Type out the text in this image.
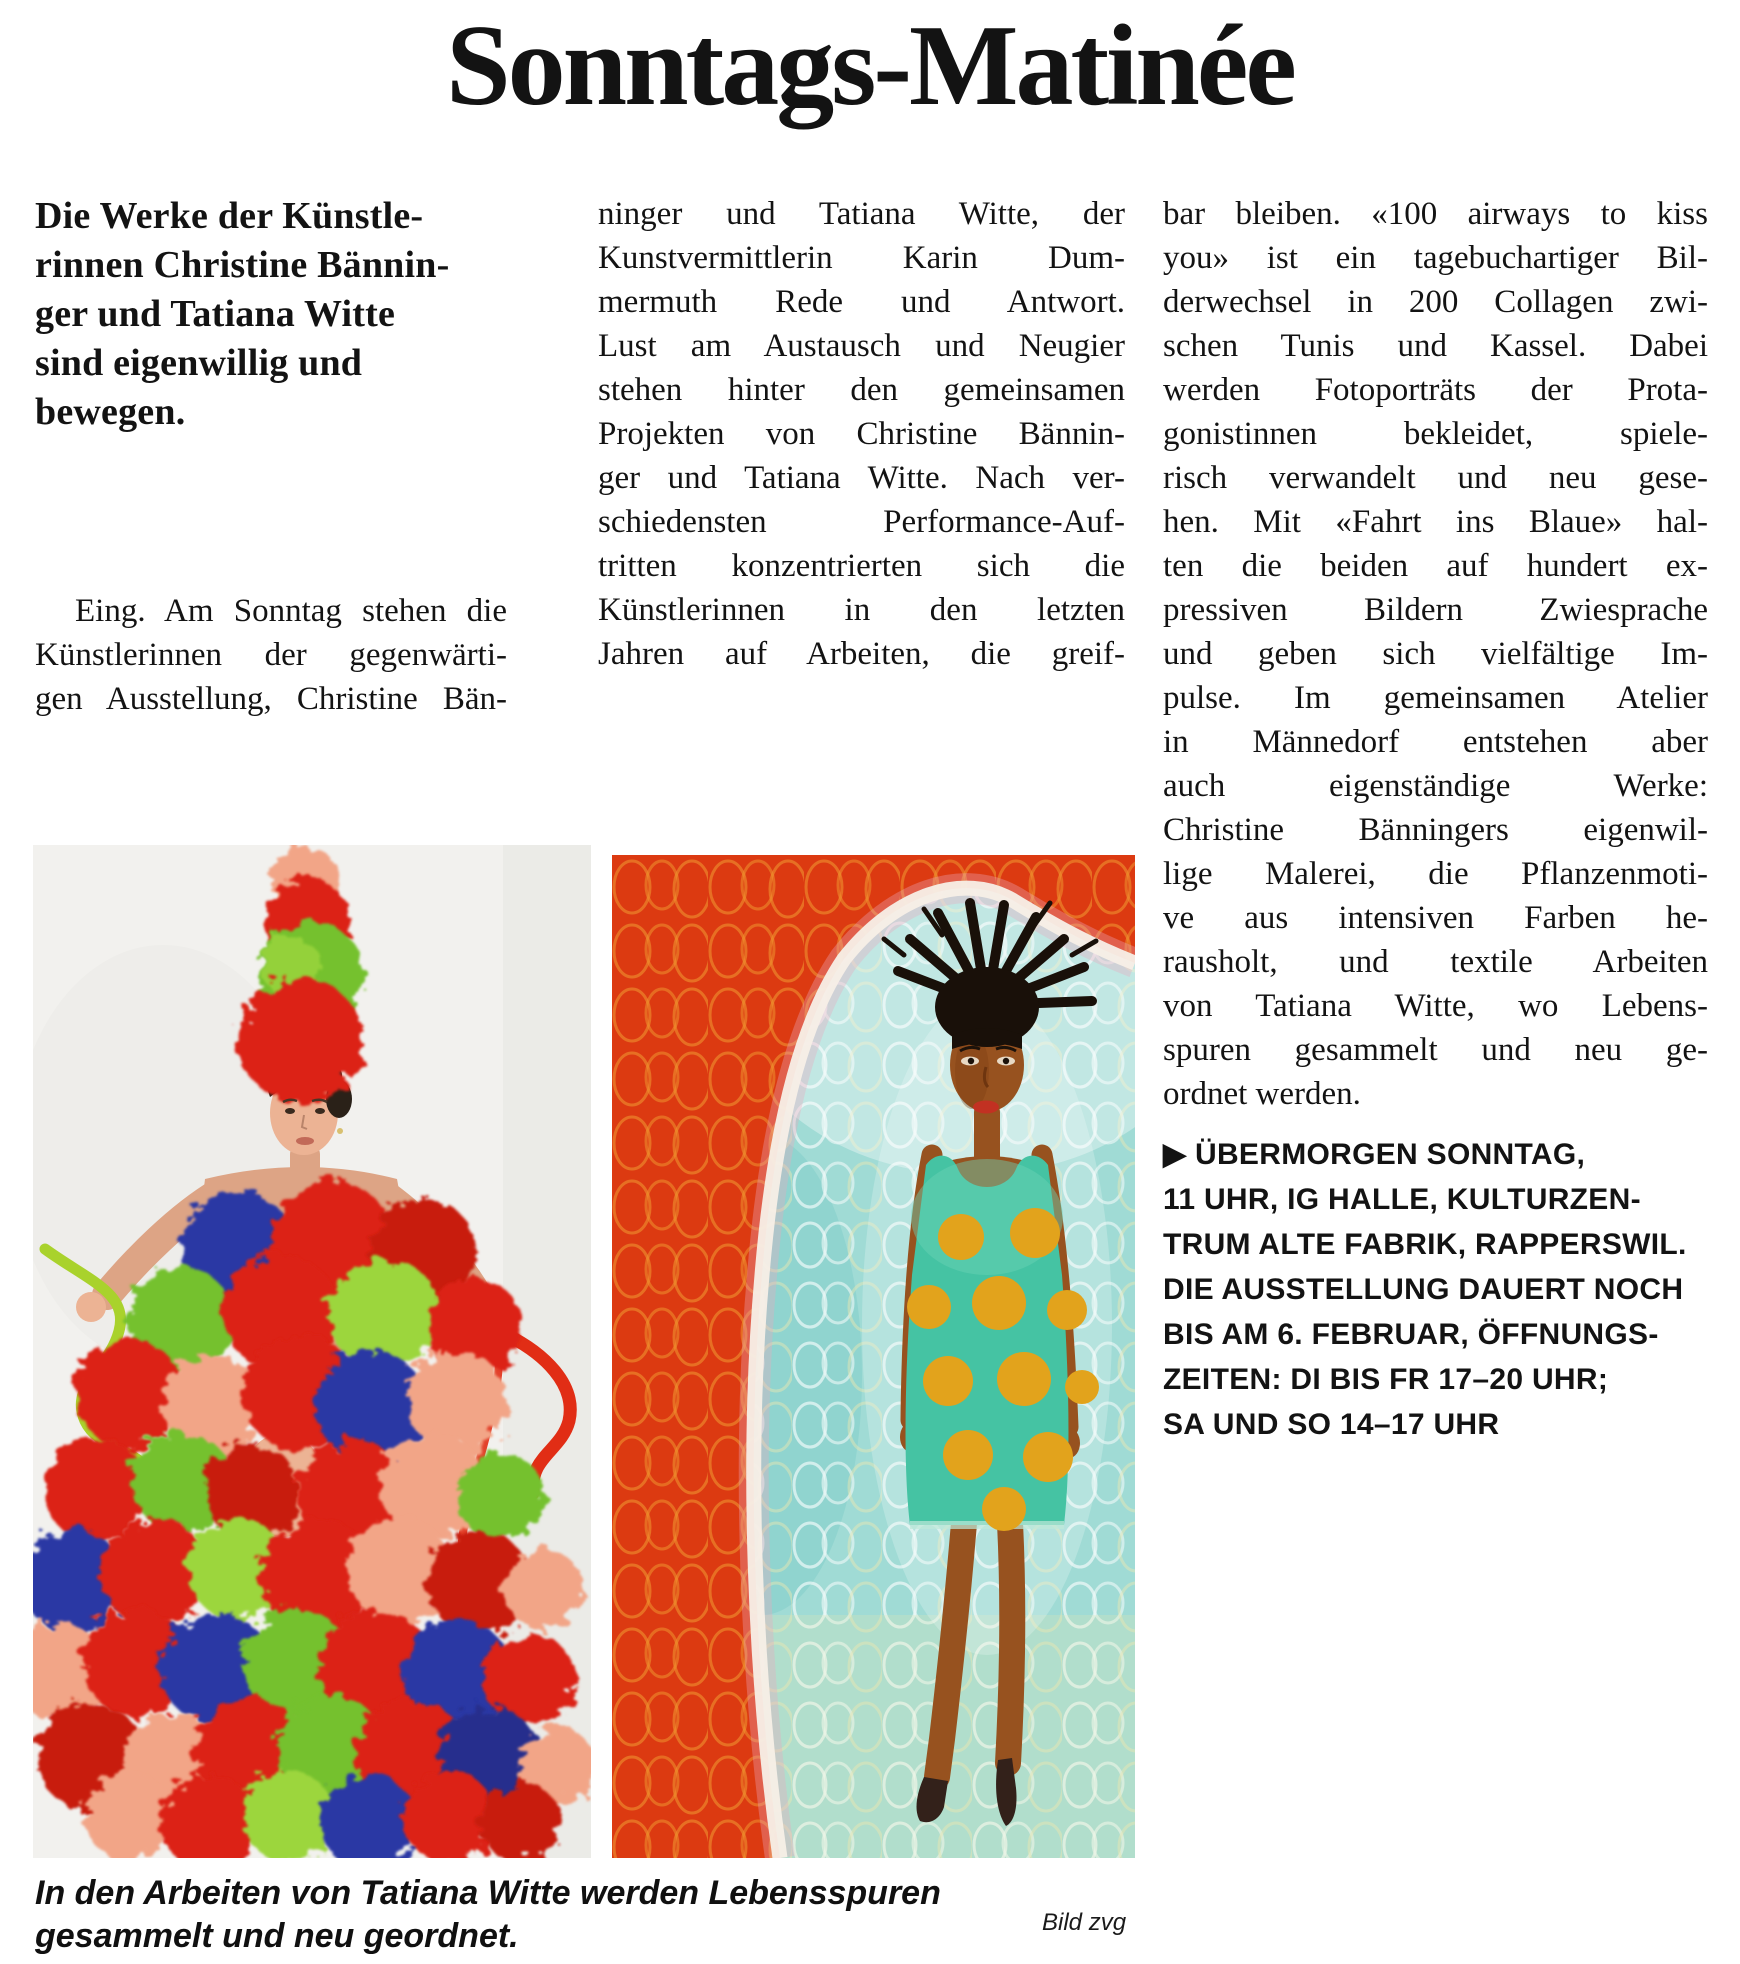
Sonntags-Matinée
Die Werke der Künstle-
rinnen Christine Bännin-
ger und Tatiana Witte
sind eigenwillig und
bewegen.
Eing. Am Sonntag stehen die
Künstlerinnen der gegenwärti-
gen Ausstellung, Christine Bän-
ninger und Tatiana Witte, der
Kunstvermittlerin Karin Dum-
mermuth Rede und Antwort.
Lust am Austausch und Neugier
stehen hinter den gemeinsamen
Projekten von Christine Bännin-
ger und Tatiana Witte. Nach ver-
schiedensten Performance-Auf-
tritten konzentrierten sich die
Künstlerinnen in den letzten
Jahren auf Arbeiten, die greif-
bar bleiben. «100 airways to kiss
you» ist ein tagebuchartiger Bil-
derwechsel in 200 Collagen zwi-
schen Tunis und Kassel. Dabei
werden Fotoporträts der Prota-
gonistinnen bekleidet, spiele-
risch verwandelt und neu gese-
hen. Mit «Fahrt ins Blaue» hal-
ten die beiden auf hundert ex-
pressiven Bildern Zwiesprache
und geben sich vielfältige Im-
pulse. Im gemeinsamen Atelier
in Männedorf entstehen aber
auch eigenständige Werke:
Christine Bänningers eigenwil-
lige Malerei, die Pflanzenmoti-
ve aus intensiven Farben he-
rausholt, und textile Arbeiten
von Tatiana Witte, wo Lebens-
spuren gesammelt und neu ge-
ordnet werden.
▶ ÜBERMORGEN SONNTAG,
11 UHR, IG HALLE, KULTURZEN-
TRUM ALTE FABRIK, RAPPERSWIL.
DIE AUSSTELLUNG DAUERT NOCH
BIS AM 6. FEBRUAR, ÖFFNUNGS-
ZEITEN: DI BIS FR 17–20 UHR;
SA UND SO 14–17 UHR
In den Arbeiten von Tatiana Witte werden Lebensspuren
gesammelt und neu geordnet.	Bild zvg
